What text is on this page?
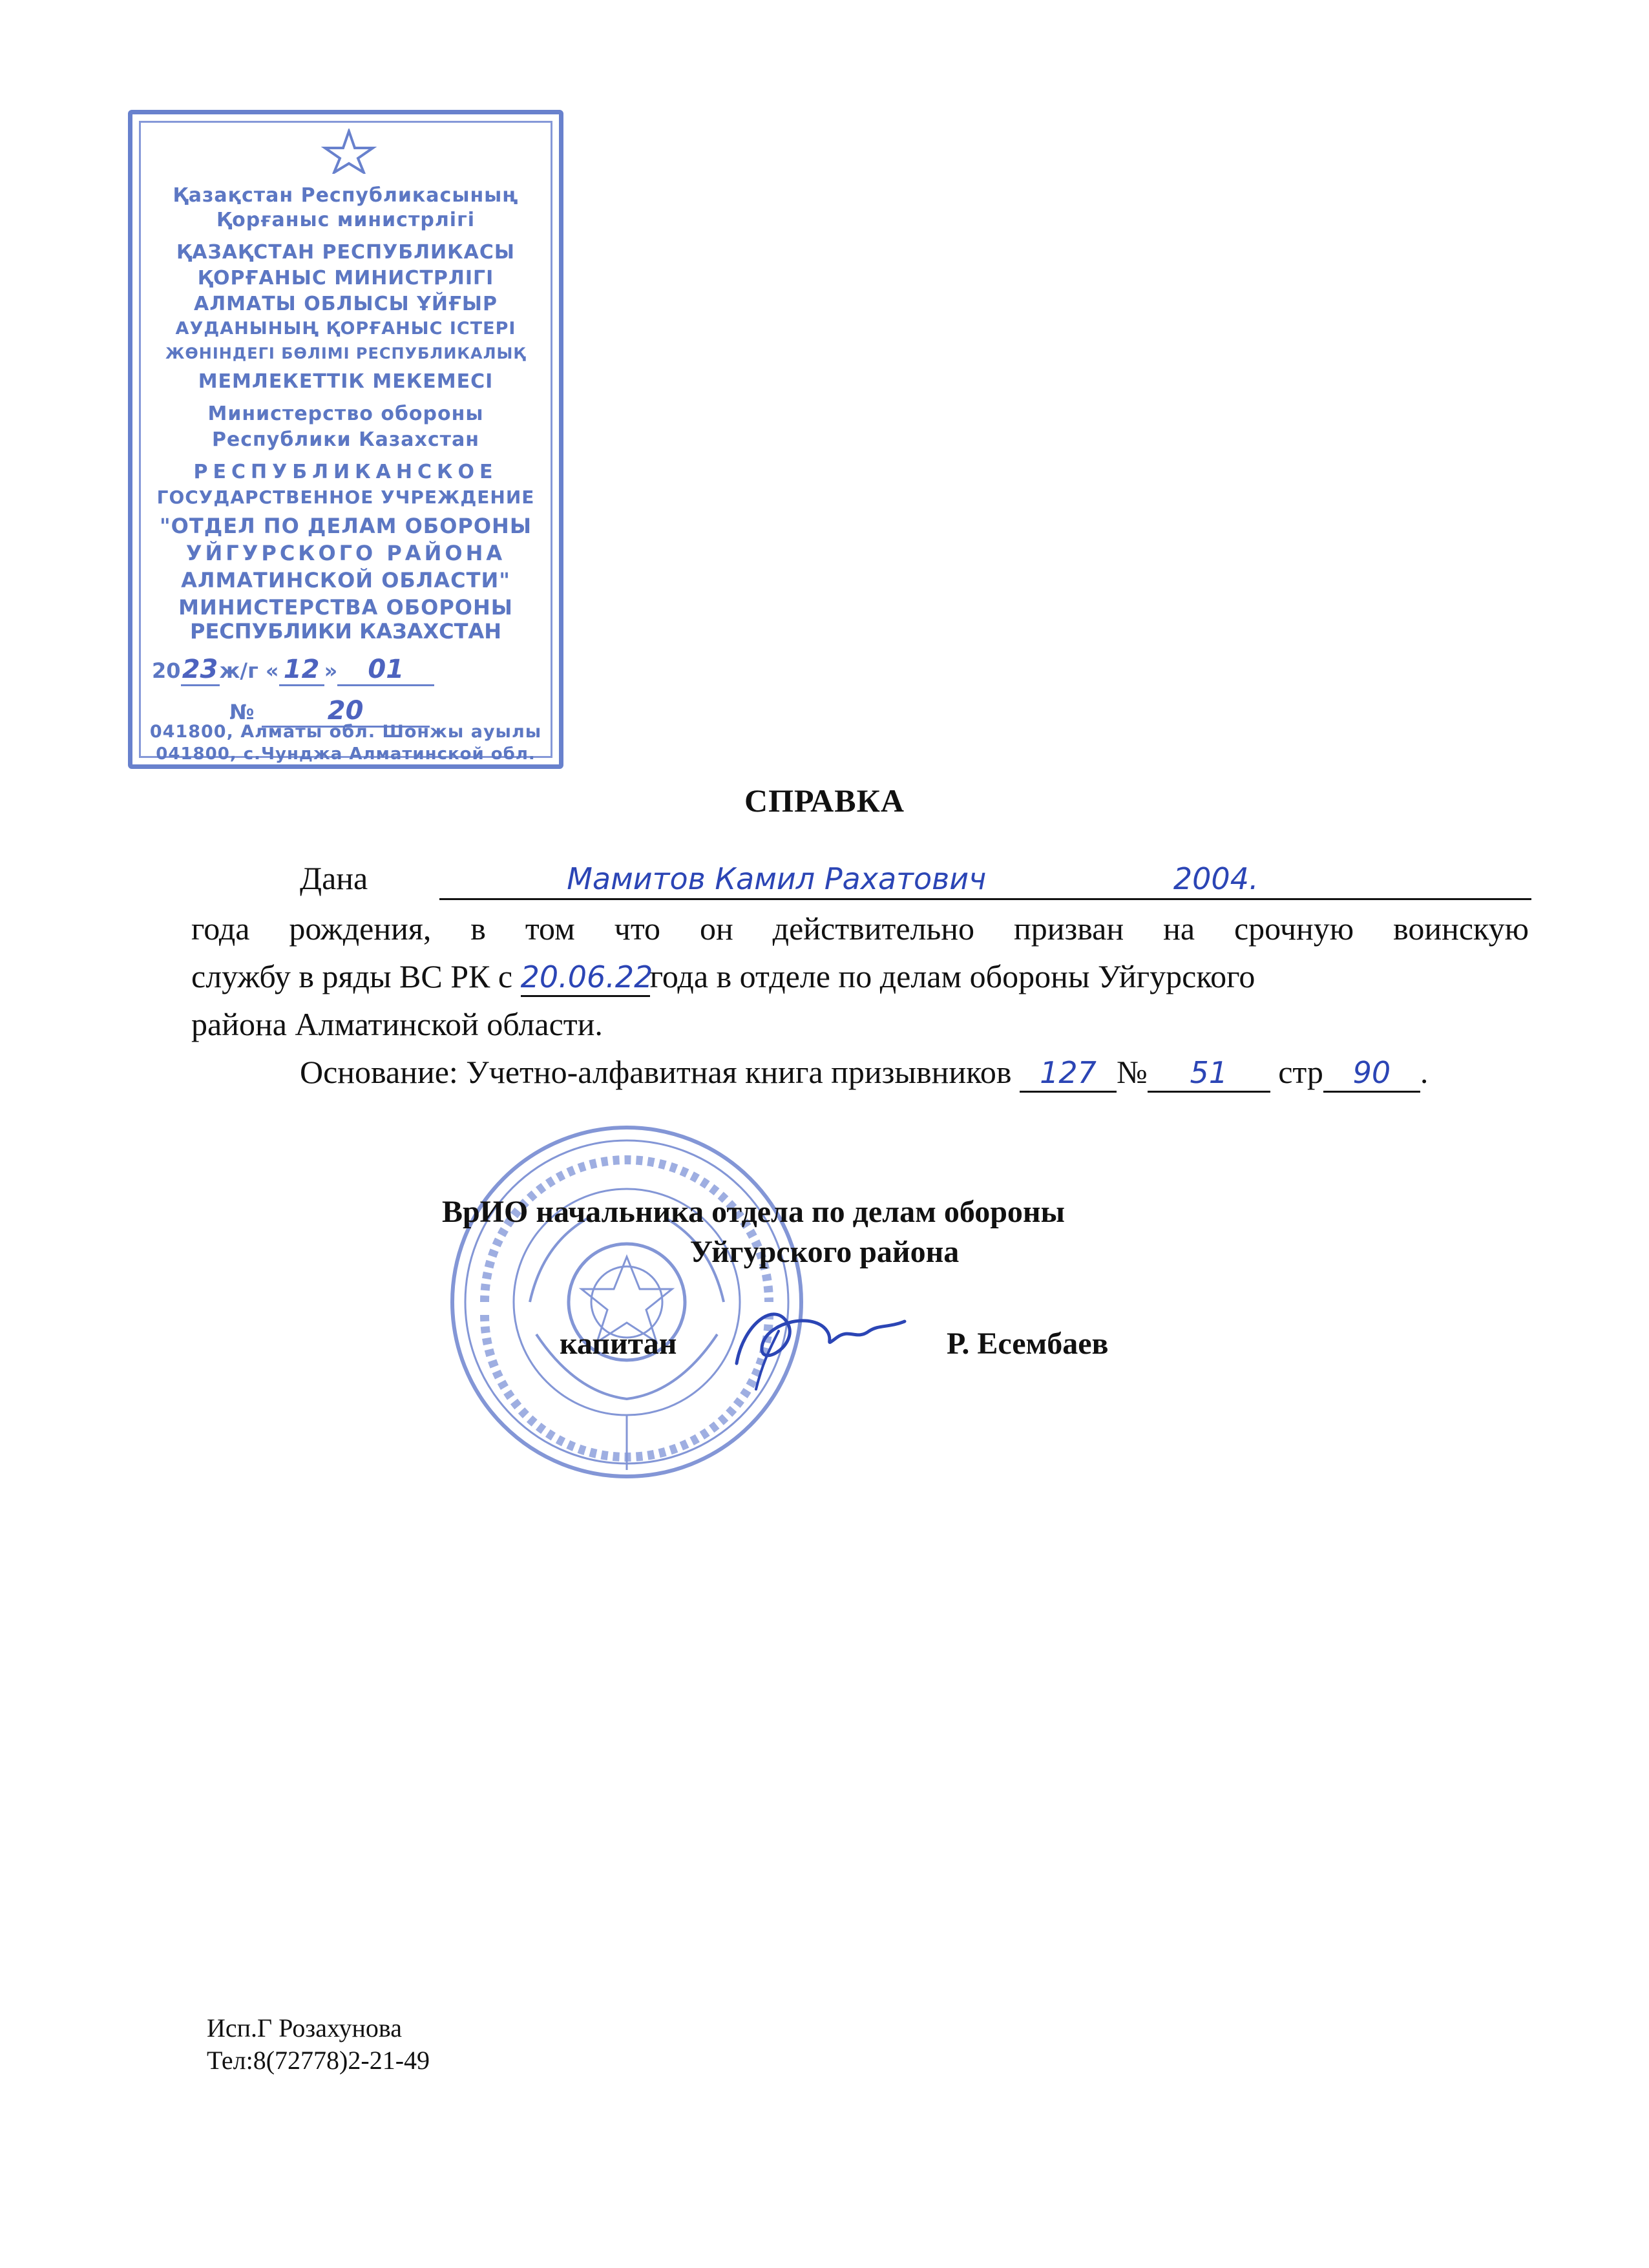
Қазақстан Республикасының
Қорғаныс министрлігі
ҚАЗАҚСТАН РЕСПУБЛИКАСЫ
ҚОРҒАНЫС МИНИСТРЛІГІ
АЛМАТЫ ОБЛЫСЫ ҰЙҒЫР
АУДАНЫНЫҢ ҚОРҒАНЫС ІСТЕРІ
ЖӨНІНДЕГІ БӨЛІМІ РЕСПУБЛИКАЛЫҚ
МЕМЛЕКЕТТІК МЕКЕМЕСІ
Министерство обороны
Республики Казахстан
РЕСПУБЛИКАНСКОЕ
ГОСУДАРСТВЕННОЕ УЧРЕЖДЕНИЕ
"ОТДЕЛ ПО ДЕЛАМ ОБОРОНЫ
УЙГУРСКОГО РАЙОНА
АЛМАТИНСКОЙ ОБЛАСТИ"
МИНИСТЕРСТВА ОБОРОНЫ
2023ж/г « 12 » 01
№	20
041800, Алматы обл. Шонжы ауылы
041800, с.Чунджа Алматинской обл.
РЕСПУБЛИКИ КАЗАХСТАН
СПРАВКА
Дана	Мамитов Камил Рахатович	2004.
года рождения, в том что он действительно призван на срочную воинскую
службу в ряды ВС РК с 20.06.22года в отделе по делам обороны Уйгурского
района Алматинской области.
Основание: Учетно-алфавитная книга призывников 127 № 51 стр 90 .
ВрИО начальника отдела по делам обороны
Уйгурского района
капитан	Р. Есембаев
Исп.Г Розахунова
Тел:8(72778)2-21-49
